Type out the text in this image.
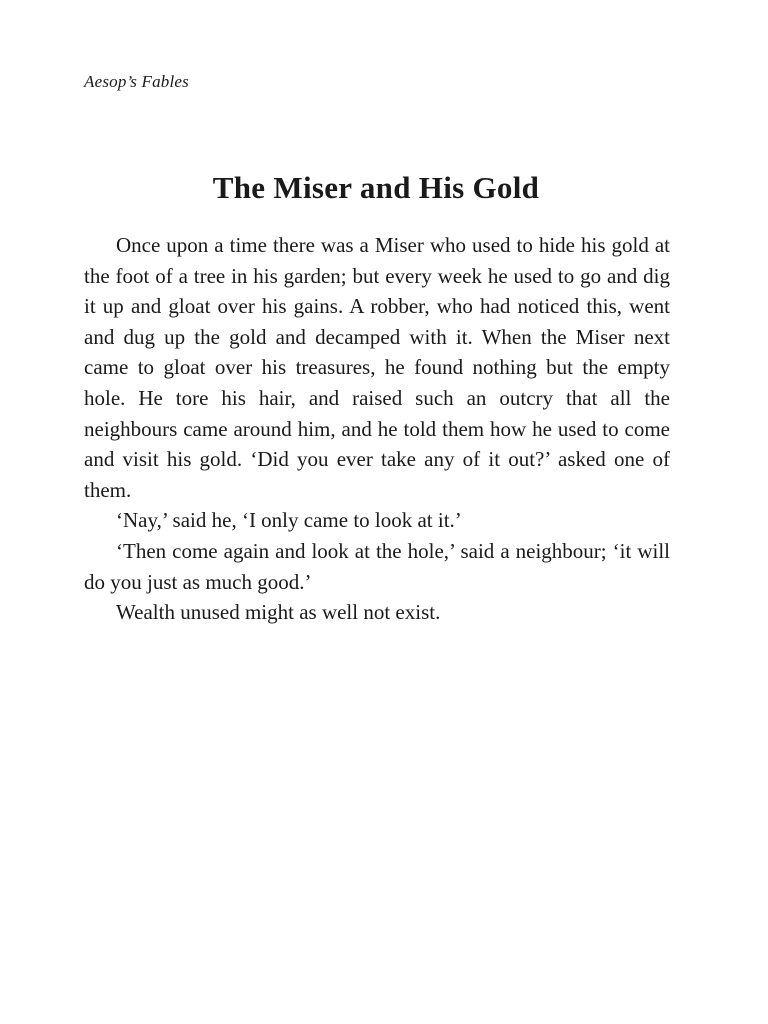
Aesop’s Fables
The Miser and His Gold

Once upon a time there was a Miser who used to hide his gold at the foot of a tree in his garden; but every week he used to go and dig it up and gloat over his gains. A robber, who had noticed this, went and dug up the gold and decamped with it. When the Miser next came to gloat over his treasures, he found nothing but the empty hole. He tore his hair, and raised such an outcry that all the neighbours came around him, and he told them how he used to come and visit his gold. ‘Did you ever take any of it out?’ asked one of them.

‘Nay,’ said he, ‘I only came to look at it.’

‘Then come again and look at the hole,’ said a neighbour; ‘it will do you just as much good.’

Wealth unused might as well not exist.
